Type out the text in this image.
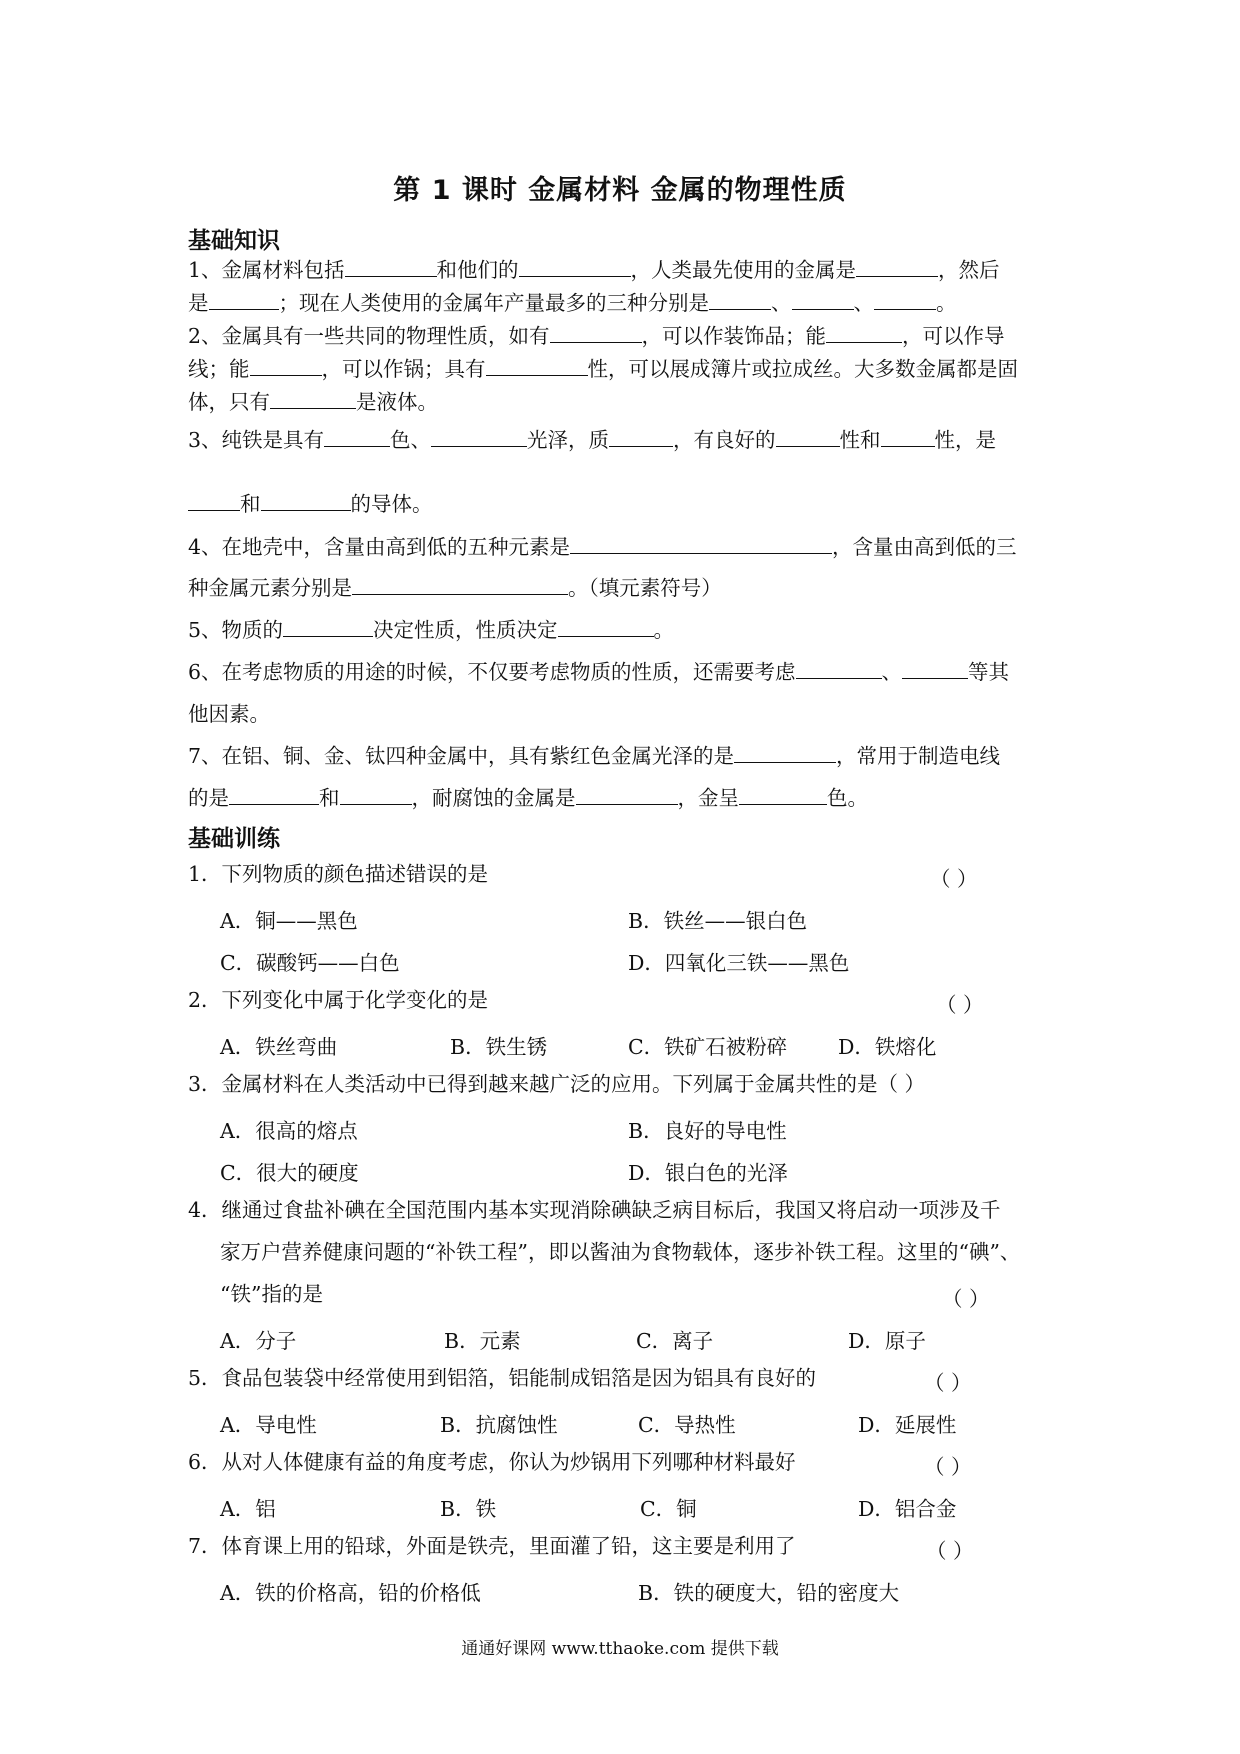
第 1 课时 金属材料 金属的物理性质
基础知识
1、金属材料包括	和他们的	，人类最先使用的金属是	，然后
是	；现在人类使用的金属年产量最多的三种分别是	、	、	。
2、金属具有一些共同的物理性质，如有	，可以作装饰品；能	，可以作导
线；能	，可以作锅；具有	性，可以展成簿片或拉成丝。大多数金属都是固
体，只有	是液体。
3、纯铁是具有	色、	光泽，质	，有良好的	性和	性，是
和	的导体。
4、在地壳中，含量由高到低的五种元素是	，含量由高到低的三
种金属元素分别是	。（填元素符号）
5、物质的	决定性质，性质决定	。
6、在考虑物质的用途的时候，不仅要考虑物质的性质，还需要考虑	、	等其
他因素。
7、在铝、铜、金、钛四种金属中，具有紫红色金属光泽的是	，常用于制造电线
的是	和	，耐腐蚀的金属是	，金呈	色。
基础训练
1．下列物质的颜色描述错误的是	（ ）
A．铜——黑色	B．铁丝——银白色
C．碳酸钙——白色	D．四氧化三铁——黑色
2．下列变化中属于化学变化的是	（ ）
A．铁丝弯曲	B．铁生锈	C．铁矿石被粉碎 D．铁熔化
3．金属材料在人类活动中已得到越来越广泛的应用。下列属于金属共性的是（ ）
A．很高的熔点	B．良好的导电性
C．很大的硬度	D．银白色的光泽
4．继通过食盐补碘在全国范围内基本实现消除碘缺乏病目标后，我国又将启动一项涉及千
家万户营养健康问题的“补铁工程”，即以酱油为食物载体，逐步补铁工程。这里的“碘”、
“铁”指的是	（ ）
A．分子	B．元素	C．离子	D．原子
5．食品包装袋中经常使用到铝箔，铝能制成铝箔是因为铝具有良好的	（ ）
A．导电性	B．抗腐蚀性	C．导热性	D．延展性
6．从对人体健康有益的角度考虑，你认为炒锅用下列哪种材料最好	（ ）
A．铝	B．铁	C．铜	D．铝合金
7．体育课上用的铅球，外面是铁壳，里面灌了铅，这主要是利用了	（ ）
A．铁的价格高，铅的价格低	B．铁的硬度大，铅的密度大
通通好课网 www.tthaoke.com 提供下载
